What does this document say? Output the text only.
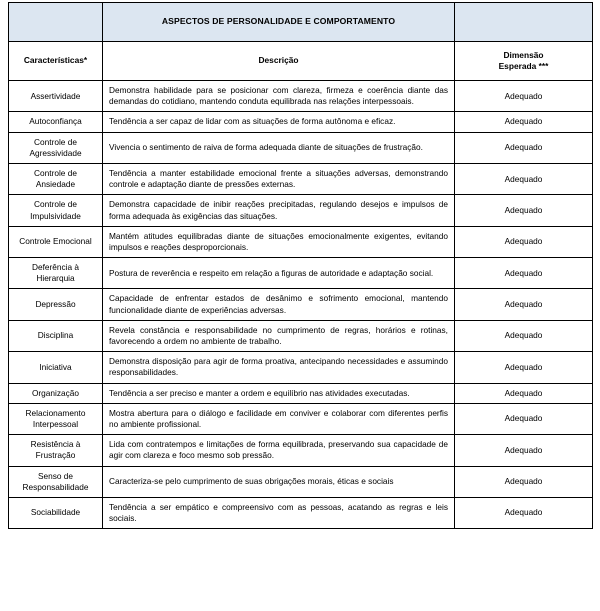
	ASPECTOS DE PERSONALIDADE E COMPORTAMENTO	
Características*	Descrição	Dimensão
Esperada ***

Assertividade	Demonstra habilidade para se posicionar com clareza, firmeza e coerência diante das demandas do cotidiano, mantendo conduta equilibrada nas relações interpessoais.	Adequado
Autoconfiança	Tendência a ser capaz de lidar com as situações de forma autônoma e eficaz.	Adequado
Controle de Agressividade	Vivencia o sentimento de raiva de forma adequada diante de situações de frustração.	Adequado
Controle de Ansiedade	Tendência a manter estabilidade emocional frente a situações adversas, demonstrando controle e adaptação diante de pressões externas.	Adequado
Controle de Impulsividade	Demonstra capacidade de inibir reações precipitadas, regulando desejos e impulsos de forma adequada às exigências das situações.	Adequado
Controle Emocional	Mantém atitudes equilibradas diante de situações emocionalmente exigentes, evitando impulsos e reações desproporcionais.	Adequado
Deferência à Hierarquia	Postura de reverência e respeito em relação a figuras de autoridade e adaptação social.	Adequado
Depressão	Capacidade de enfrentar estados de desânimo e sofrimento emocional, mantendo funcionalidade diante de experiências adversas.	Adequado
Disciplina	Revela constância e responsabilidade no cumprimento de regras, horários e rotinas, favorecendo a ordem no ambiente de trabalho.	Adequado
Iniciativa	Demonstra disposição para agir de forma proativa, antecipando necessidades e assumindo responsabilidades.	Adequado
Organização	Tendência a ser preciso e manter a ordem e equilíbrio nas atividades executadas.	Adequado
Relacionamento Interpessoal	Mostra abertura para o diálogo e facilidade em conviver e colaborar com diferentes perfis no ambiente profissional.	Adequado
Resistência à Frustração	Lida com contratempos e limitações de forma equilibrada, preservando sua capacidade de agir com clareza e foco mesmo sob pressão.	Adequado
Senso de Responsabilidade	Caracteriza-se pelo cumprimento de suas obrigações morais, éticas e sociais	Adequado
Sociabilidade	Tendência a ser empático e compreensivo com as pessoas, acatando as regras e leis sociais.	Adequado
